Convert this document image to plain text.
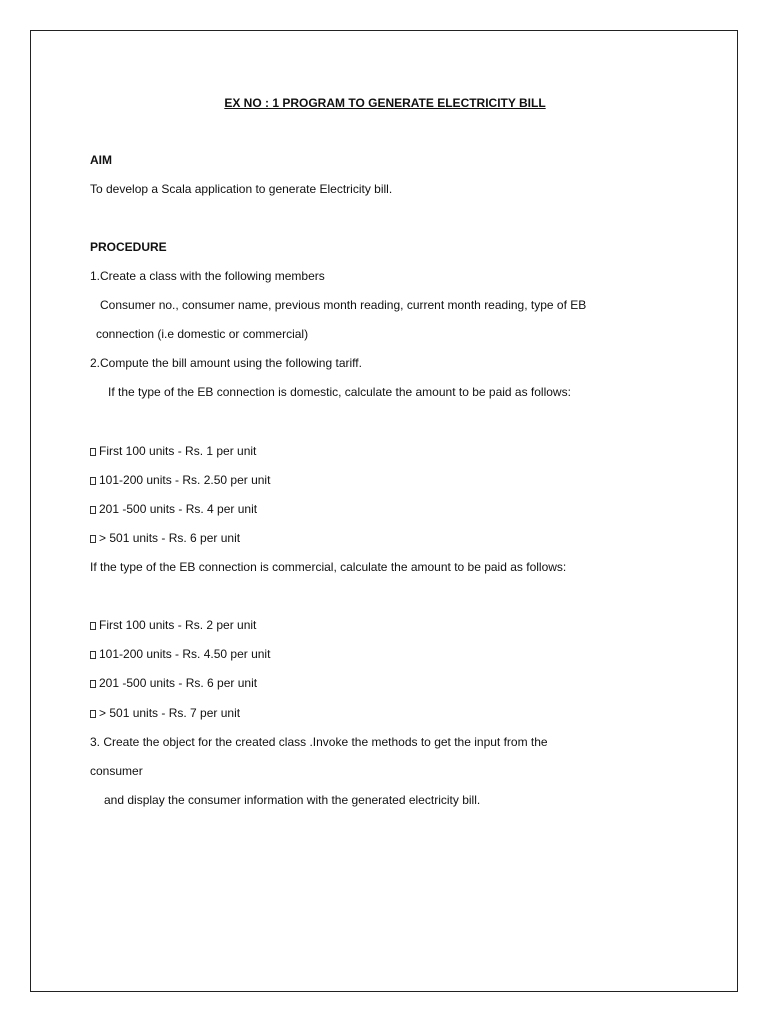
EX NO : 1 PROGRAM TO GENERATE ELECTRICITY BILL
AIM
To develop a Scala application to generate Electricity bill.
PROCEDURE
1.Create a class with the following members
Consumer no., consumer name, previous month reading, current month reading, type of EB
connection (i.e domestic or commercial)
2.Compute the bill amount using the following tariff.
If the type of the EB connection is domestic, calculate the amount to be paid as follows:
First 100 units - Rs. 1 per unit
101-200 units - Rs. 2.50 per unit
201 -500 units - Rs. 4 per unit
> 501 units - Rs. 6 per unit
If the type of the EB connection is commercial, calculate the amount to be paid as follows:
First 100 units - Rs. 2 per unit
101-200 units - Rs. 4.50 per unit
201 -500 units - Rs. 6 per unit
> 501 units - Rs. 7 per unit
3. Create the object for the created class .Invoke the methods to get the input from the
consumer
and display the consumer information with the generated electricity bill.
